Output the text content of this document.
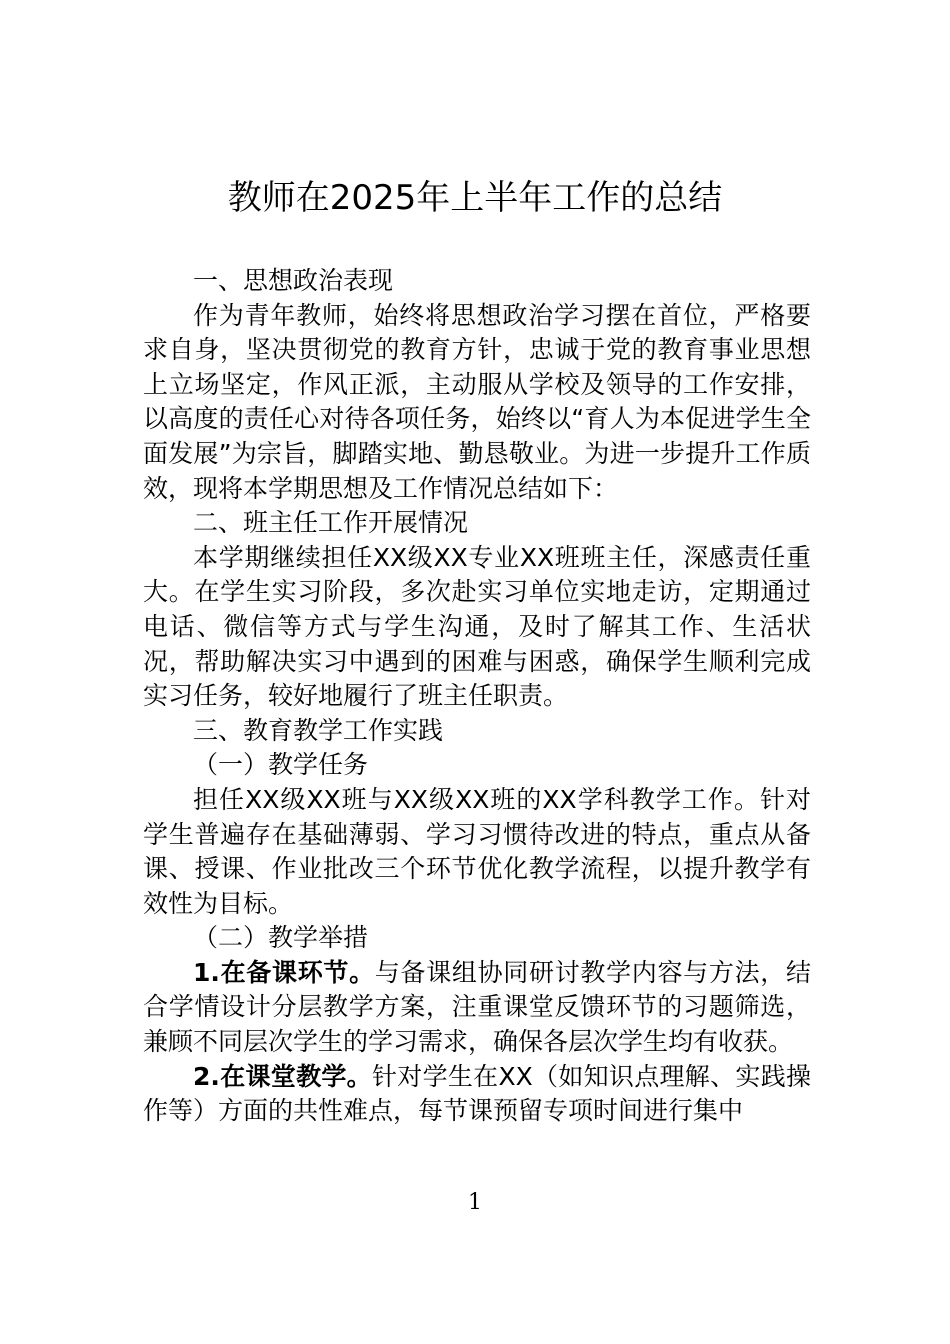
教师在2025年上半年工作的总结

一、思想政治表现

作为青年教师，始终将思想政治学习摆在首位，严格要求自身，坚决贯彻党的教育方针，忠诚于党的教育事业思想上立场坚定，作风正派，主动服从学校及领导的工作安排，以高度的责任心对待各项任务，始终以“育人为本促进学生全面发展”为宗旨，脚踏实地、勤恳敬业。为进一步提升工作质效，现将本学期思想及工作情况总结如下：

二、班主任工作开展情况

本学期继续担任XX级XX专业XX班班主任，深感责任重大。在学生实习阶段，多次赴实习单位实地走访，定期通过电话、微信等方式与学生沟通，及时了解其工作、生活状况，帮助解决实习中遇到的困难与困惑，确保学生顺利完成实习任务，较好地履行了班主任职责。

三、教育教学工作实践

（一）教学任务

担任XX级XX班与XX级XX班的XX学科教学工作。针对学生普遍存在基础薄弱、学习习惯待改进的特点，重点从备课、授课、作业批改三个环节优化教学流程，以提升教学有效性为目标。

（二）教学举措

1.在备课环节。与备课组协同研讨教学内容与方法，结合学情设计分层教学方案，注重课堂反馈环节的习题筛选，兼顾不同层次学生的学习需求，确保各层次学生均有收获。

2.在课堂教学。针对学生在XX（如知识点理解、实践操作等）方面的共性难点，每节课预留专项时间进行集中

1
